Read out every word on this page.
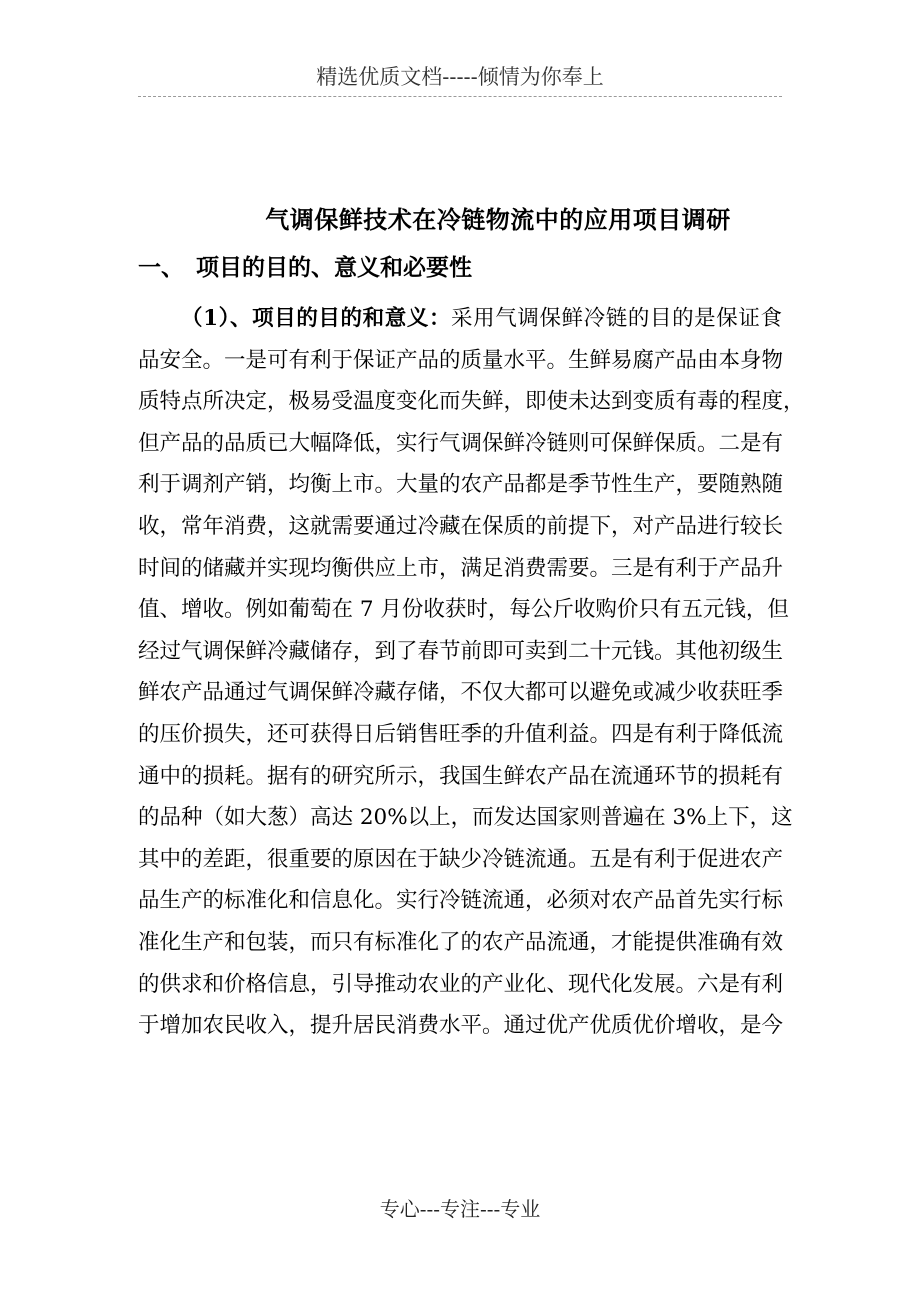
精选优质文档-----倾情为你奉上
气调保鲜技术在冷链物流中的应用项目调研
一、 项目的目的、意义和必要性
（1）、项目的目的和意义：采用气调保鲜冷链的目的是保证食
品安全。一是可有利于保证产品的质量水平。生鲜易腐产品由本身物
质特点所决定，极易受温度变化而失鲜，即使未达到变质有毒的程度，
但产品的品质已大幅降低，实行气调保鲜冷链则可保鲜保质。二是有
利于调剂产销，均衡上市。大量的农产品都是季节性生产，要随熟随
收，常年消费，这就需要通过冷藏在保质的前提下，对产品进行较长
时间的储藏并实现均衡供应上市，满足消费需要。三是有利于产品升
值、增收。例如葡萄在 7 月份收获时，每公斤收购价只有五元钱，但
经过气调保鲜冷藏储存，到了春节前即可卖到二十元钱。其他初级生
鲜农产品通过气调保鲜冷藏存储，不仅大都可以避免或减少收获旺季
的压价损失，还可获得日后销售旺季的升值利益。四是有利于降低流
通中的损耗。据有的研究所示，我国生鲜农产品在流通环节的损耗有
的品种（如大葱）高达 20%以上，而发达国家则普遍在 3%上下，这
其中的差距，很重要的原因在于缺少冷链流通。五是有利于促进农产
品生产的标准化和信息化。实行冷链流通，必须对农产品首先实行标
准化生产和包装，而只有标准化了的农产品流通，才能提供准确有效
的供求和价格信息，引导推动农业的产业化、现代化发展。六是有利
于增加农民收入，提升居民消费水平。通过优产优质优价增收，是今
专心---专注---专业
